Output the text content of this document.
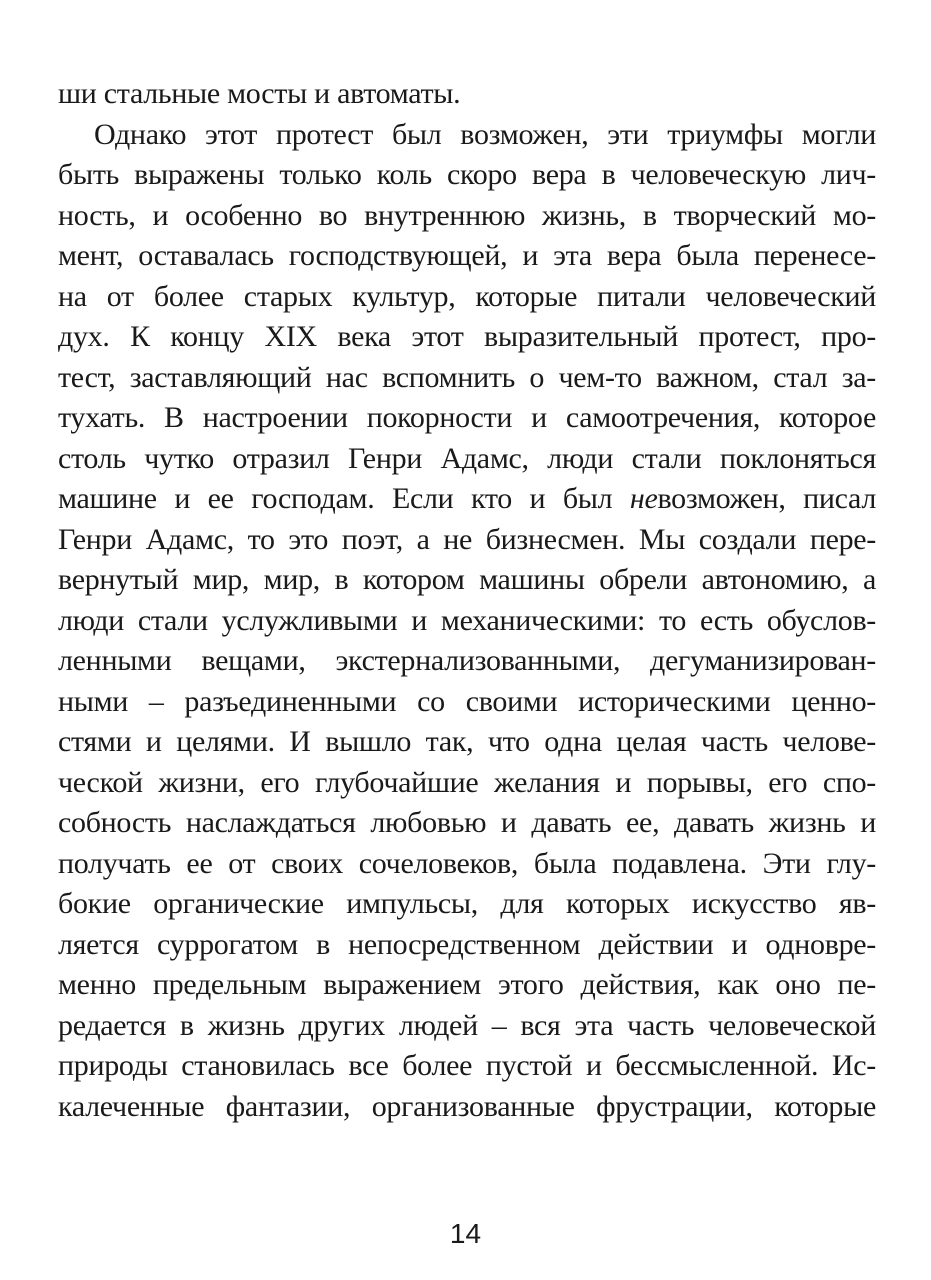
ши стальные мосты и автоматы.
Однако этот протест был возможен, эти триумфы могли
быть выражены только коль скоро вера в человеческую лич-
ность, и особенно во внутреннюю жизнь, в творческий мо-
мент, оставалась господствующей, и эта вера была перенесе-
на от более старых культур, которые питали человеческий
дух. К концу XIX века этот выразительный протест, про-
тест, заставляющий нас вспомнить о чем-то важном, стал за-
тухать. В настроении покорности и самоотречения, которое
столь чутко отразил Генри Адамс, люди стали поклоняться
машине и ее господам. Если кто и был невозможен, писал
Генри Адамс, то это поэт, а не бизнесмен. Мы создали пере-
вернутый мир, мир, в котором машины обрели автономию, а
люди стали услужливыми и механическими: то есть обуслов-
ленными вещами, экстернализованными, дегуманизирован-
ными – разъединенными со своими историческими ценно-
стями и целями. И вышло так, что одна целая часть челове-
ческой жизни, его глубочайшие желания и порывы, его спо-
собность наслаждаться любовью и давать ее, давать жизнь и
получать ее от своих сочеловеков, была подавлена. Эти глу-
бокие органические импульсы, для которых искусство яв-
ляется суррогатом в непосредственном действии и одновре-
менно предельным выражением этого действия, как оно пе-
редается в жизнь других людей – вся эта часть человеческой
природы становилась все более пустой и бессмысленной. Ис-
калеченные фантазии, организованные фрустрации, которые
14
